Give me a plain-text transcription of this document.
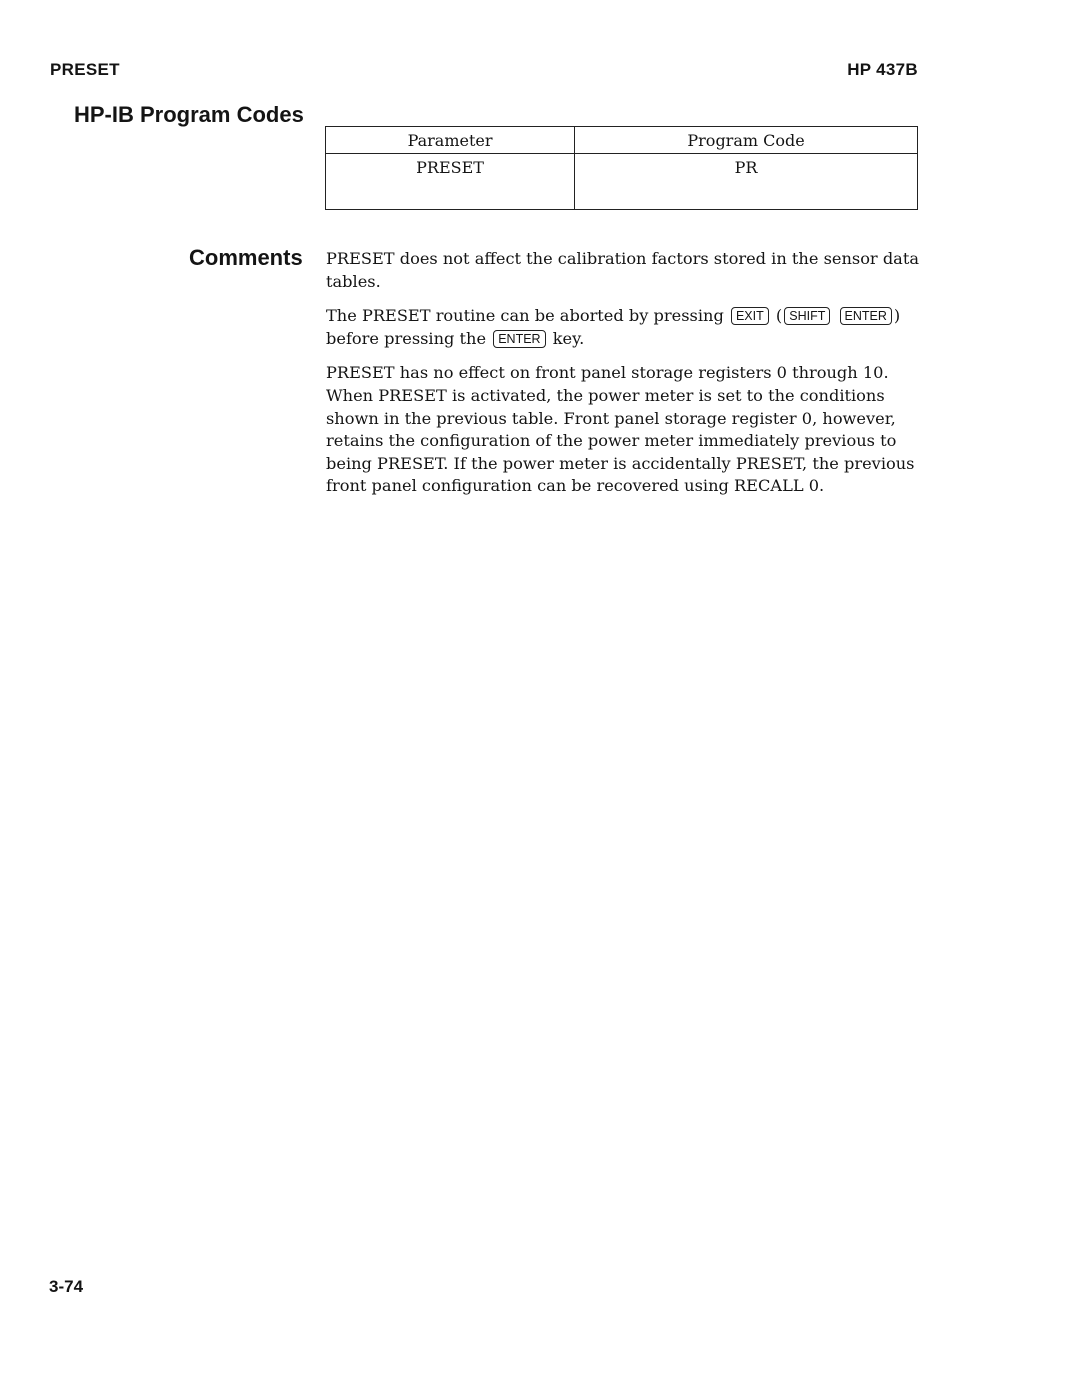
PRESET	HP 437B
HP-IB Program Codes
Parameter	Program Code
PRESET	PR
Comments PRESET does not affect the calibration factors stored in the sensor data tables.

The PRESET routine can be aborted by pressing EXIT ( SHIFT ENTER ) before pressing the ENTER key.

PRESET has no effect on front panel storage registers 0 through 10. When PRESET is activated, the power meter is set to the conditions shown in the previous table. Front panel storage register 0, however, retains the configuration of the power meter immediately previous to being PRESET. If the power meter is accidentally PRESET, the previous front panel configuration can be recovered using RECALL 0.

3-74
